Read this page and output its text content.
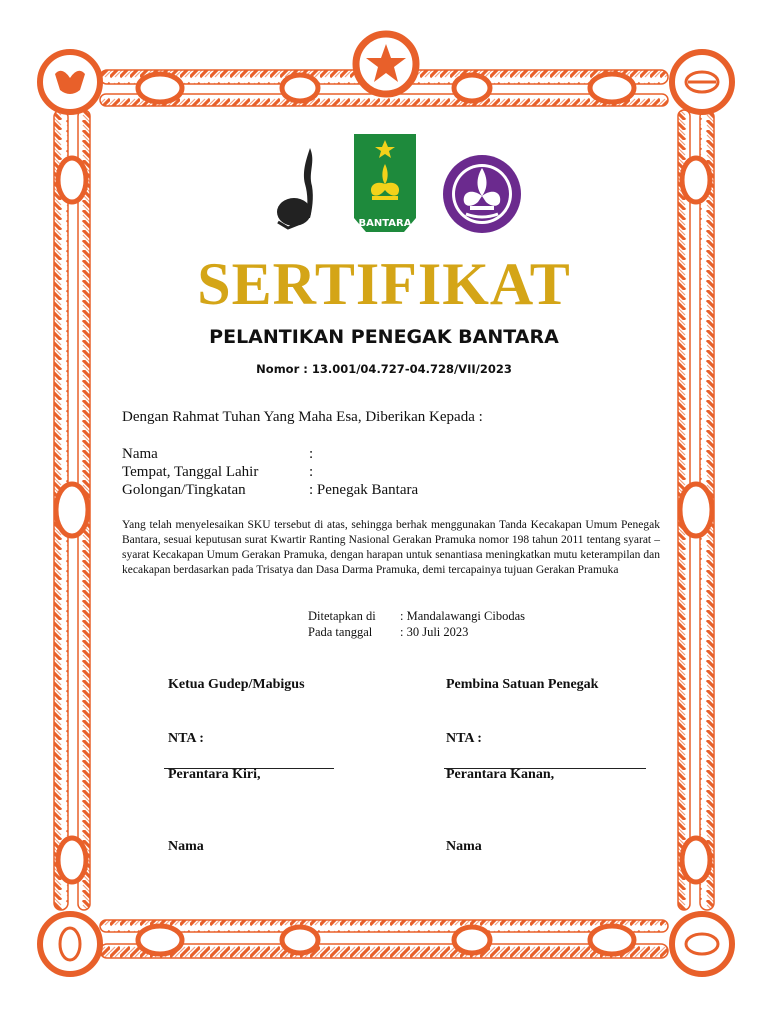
BANTARA
SERTIFIKAT
PELANTIKAN PENEGAK BANTARA
Nomor : 13.001/04.727-04.728/VII/2023
Dengan Rahmat Tuhan Yang Maha Esa, Diberikan Kepada :
Nama	:
Tempat, Tanggal Lahir	:
Golongan/Tingkatan	: Penegak Bantara
Yang telah menyelesaikan SKU tersebut di atas, sehingga berhak menggunakan Tanda Kecakapan Umum Penegak Bantara, sesuai keputusan surat Kwartir Ranting Nasional Gerakan Pramuka nomor 198 tahun 2011 tentang syarat – syarat Kecakapan Umum Gerakan Pramuka, dengan harapan untuk senantiasa meningkatkan mutu keterampilan dan kecakapan berdasarkan pada Trisatya dan Dasa Darma Pramuka, demi tercapainya tujuan Gerakan Pramuka
Ditetapkan di : Mandalawangi Cibodas
Pada tanggal : 30 Juli 2023
Ketua Gudep/Mabigus	Pembina Satuan Penegak
NTA :	NTA :
Perantara Kiri,	Perantara Kanan,
Nama	Nama
